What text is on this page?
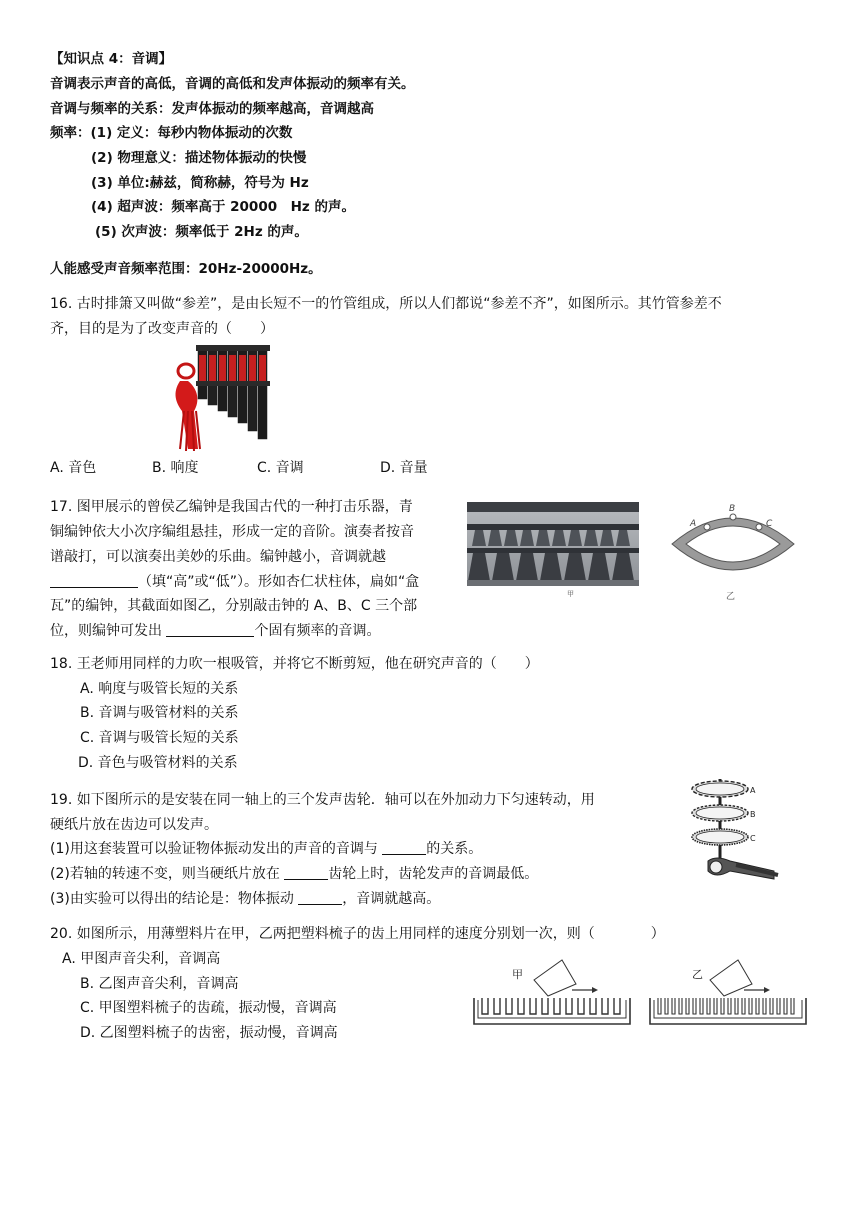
【知识点 4：音调】
音调表示声音的高低，音调的高低和发声体振动的频率有关。
音调与频率的关系：发声体振动的频率越高，音调越高
频率：(1) 定义：每秒内物体振动的次数
(2) 物理意义：描述物体振动的快慢
(3) 单位:赫兹，简称赫，符号为 Hz
(4) 超声波：频率高于 20000　Hz 的声。
(5) 次声波：频率低于 2Hz 的声。
人能感受声音频率范围：20Hz-20000Hz。
16. 古时排箫又叫做“参差”，是由长短不一的竹管组成，所以人们都说“参差不齐”，如图所示。其竹管参差不
齐，目的是为了改变声音的（　　）
A. 音色	B. 响度	C. 音调	D. 音量
17. 图甲展示的曾侯乙编钟是我国古代的一种打击乐器，青
铜编钟依大小次序编组悬挂，形成一定的音阶。演奏者按音
谱敲打，可以演奏出美妙的乐曲。编钟越小，音调就越
（填“高”或“低”）。形如杏仁状柱体，扁如“盒
瓦”的编钟，其截面如图乙，分别敲击钟的 A、B、C 三个部
位，则编钟可发出	个固有频率的音调。
甲
A
B
C
乙
18. 王老师用同样的力吹一根吸管，并将它不断剪短，他在研究声音的（　　）
A. 响度与吸管长短的关系
B. 音调与吸管材料的关系
C. 音调与吸管长短的关系
D. 音色与吸管材料的关系
19. 如下图所示的是安装在同一轴上的三个发声齿轮．轴可以在外加动力下匀速转动，用
硬纸片放在齿边可以发声。
(1)用这套装置可以验证物体振动发出的声音的音调与	的关系。
(2)若轴的转速不变，则当硬纸片放在	齿轮上时，齿轮发声的音调最低。
(3)由实验可以得出的结论是：物体振动	，音调就越高。
A
B
C
20. 如图所示，用薄塑料片在甲，乙两把塑料梳子的齿上用同样的速度分别划一次，则（　　　　）
A. 甲图声音尖利，音调高
B. 乙图声音尖利，音调高
C. 甲图塑料梳子的齿疏，振动慢，音调高
D. 乙图塑料梳子的齿密，振动慢，音调高
甲	乙
